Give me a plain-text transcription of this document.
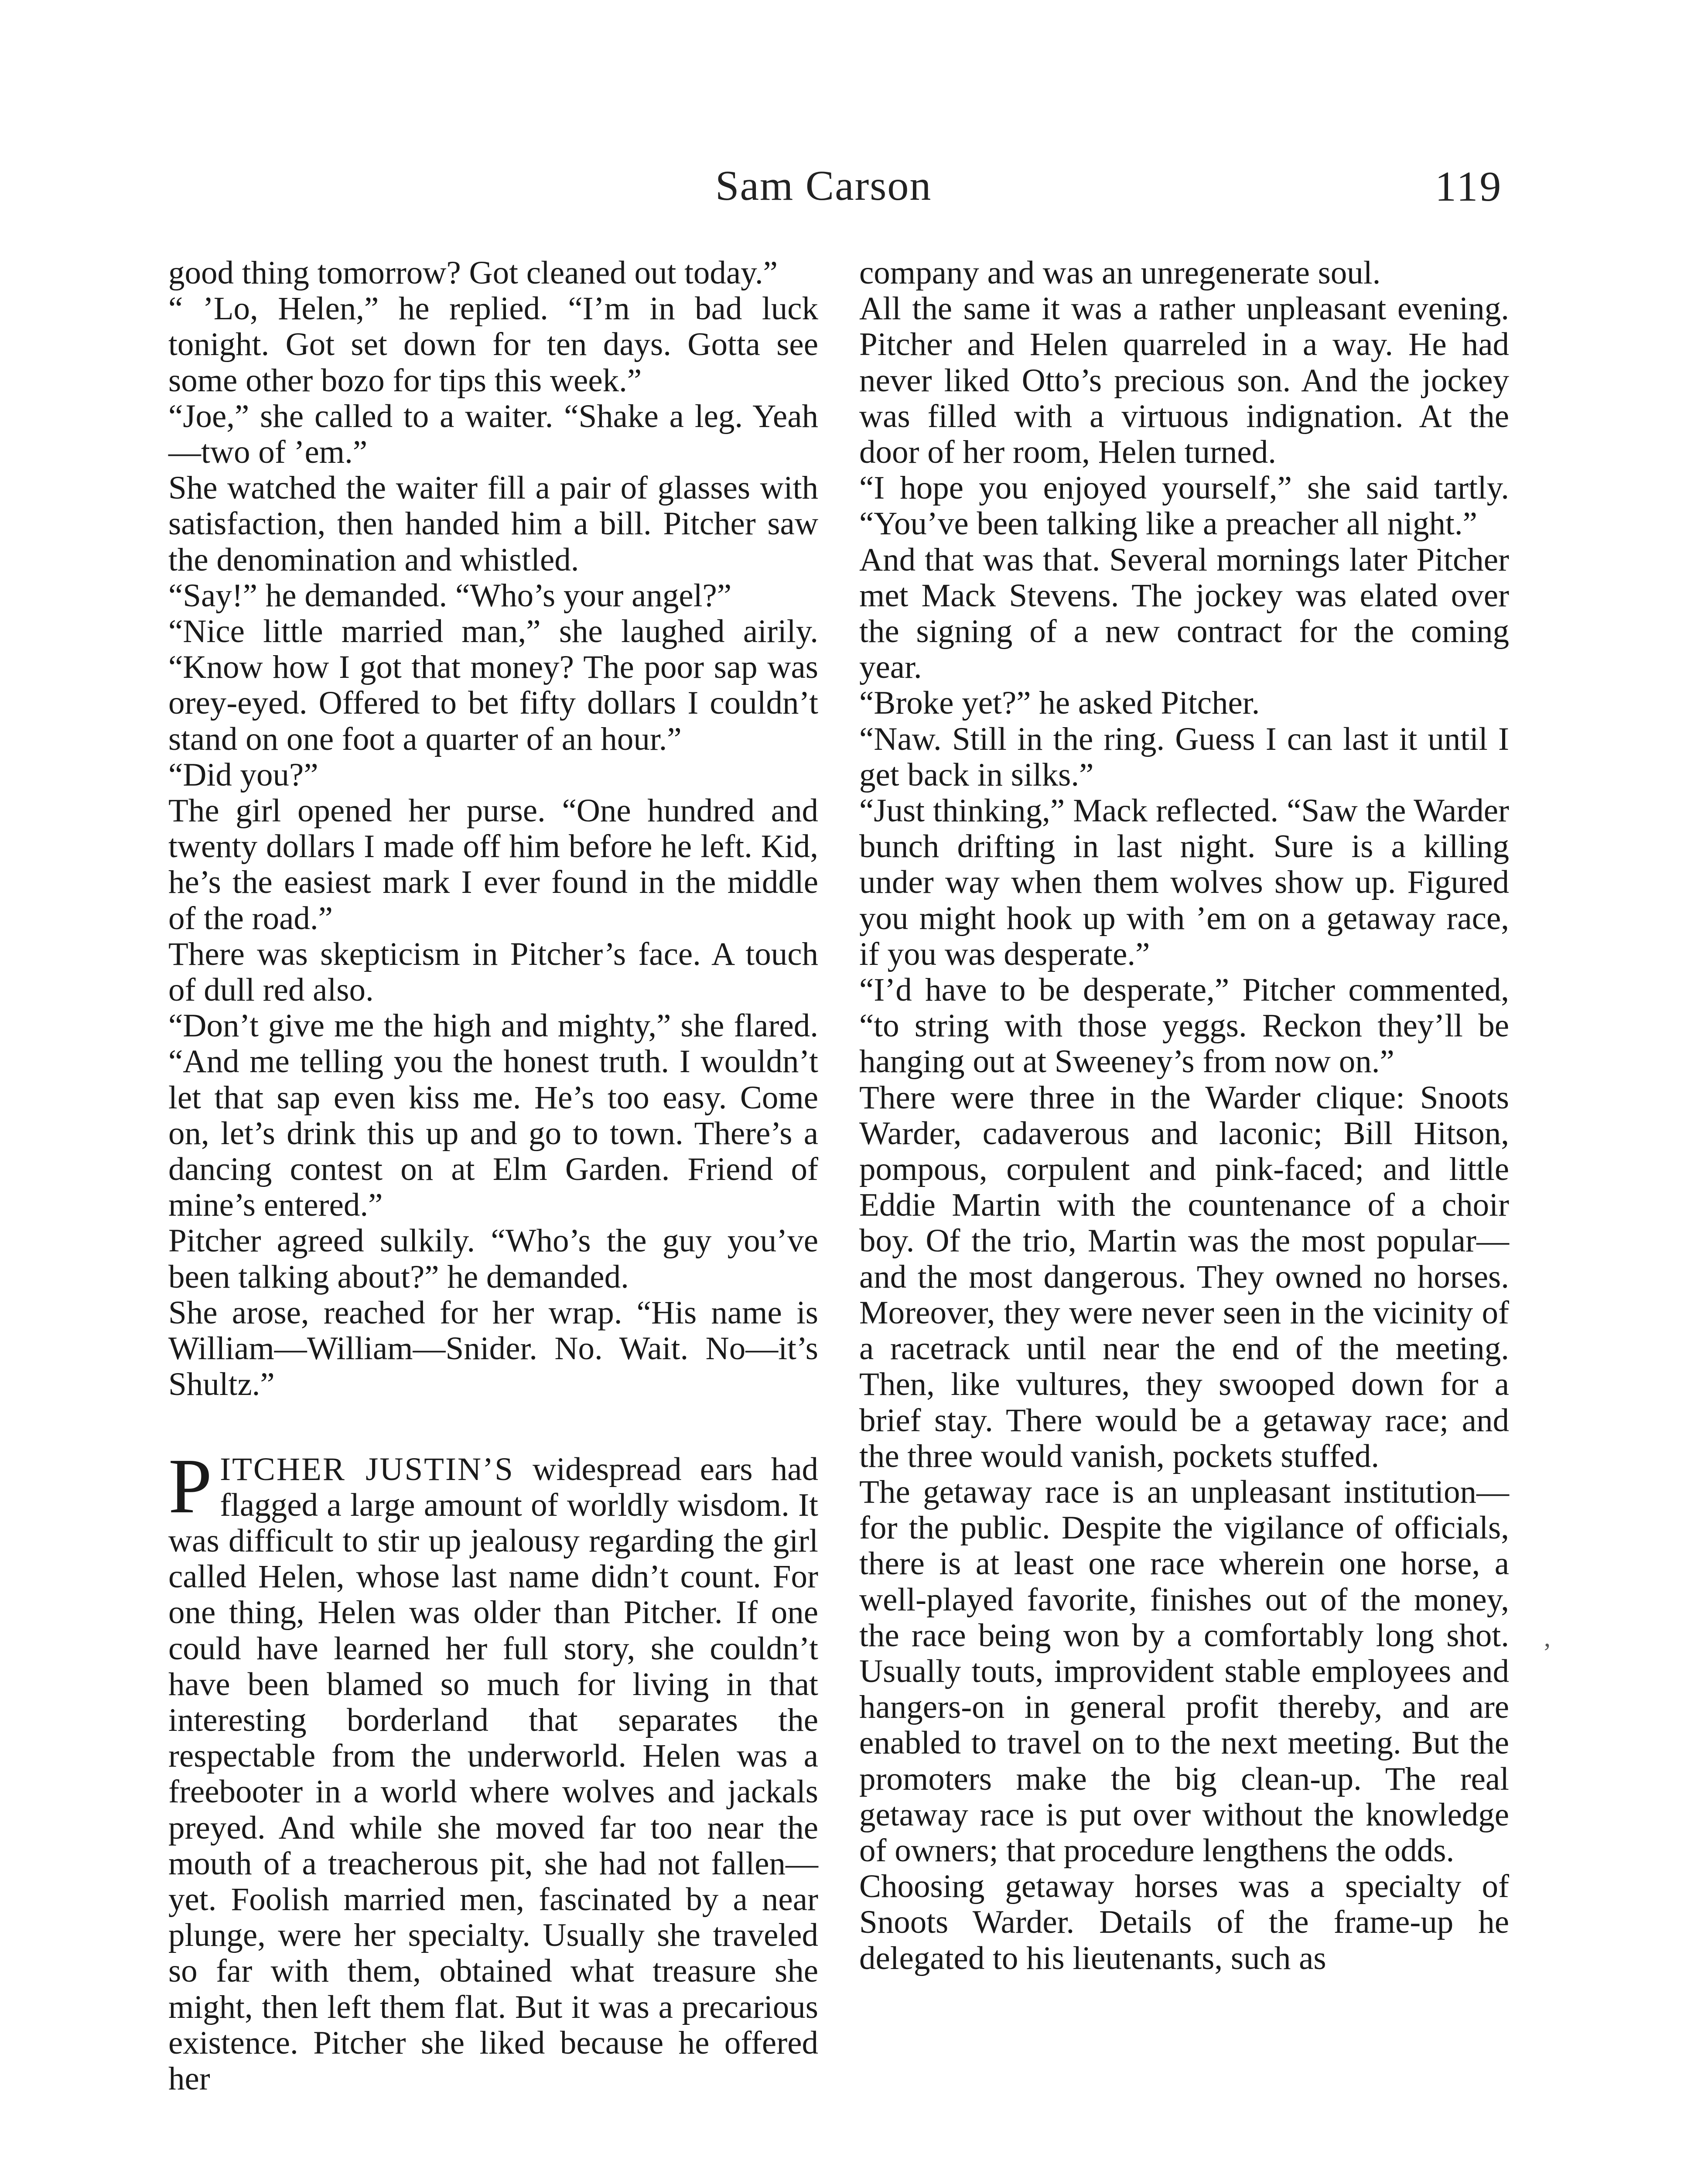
Sam Carson	119

good thing tomorrow? Got cleaned out today.”

“ ’Lo, Helen,” he replied. “I’m in bad luck tonight. Got set down for ten days. Gotta see some other bozo for tips this week.”

“Joe,” she called to a waiter. “Shake a leg. Yeah—two of ’em.”

She watched the waiter fill a pair of glasses with satisfaction, then handed him a bill. Pitcher saw the denomination and whistled.

“Say!” he demanded. “Who’s your angel?”

“Nice little married man,” she laughed airily. “Know how I got that money? The poor sap was orey-eyed. Offered to bet fifty dollars I couldn’t stand on one foot a quarter of an hour.”

“Did you?”

The girl opened her purse. “One hundred and twenty dollars I made off him before he left. Kid, he’s the easiest mark I ever found in the middle of the road.”

There was skepticism in Pitcher’s face. A touch of dull red also.

“Don’t give me the high and mighty,” she flared. “And me telling you the honest truth. I wouldn’t let that sap even kiss me. He’s too easy. Come on, let’s drink this up and go to town. There’s a dancing contest on at Elm Garden. Friend of mine’s entered.”

Pitcher agreed sulkily. “Who’s the guy you’ve been talking about?” he demanded.

She arose, reached for her wrap. “His name is William—William—Snider. No. Wait. No—it’s Shultz.”

PITCHER JUSTIN’S widespread ears had flagged a large amount of worldly wisdom. It was difficult to stir up jealousy regarding the girl called Helen, whose last name didn’t count. For one thing, Helen was older than Pitcher. If one could have learned her full story, she couldn’t have been blamed so much for living in that interesting borderland that separates the respectable from the underworld. Helen was a freebooter in a world where wolves and jackals preyed. And while she moved far too near the mouth of a treacherous pit, she had not fallen—yet. Foolish married men, fascinated by a near plunge, were her specialty. Usually she traveled so far with them, obtained what treasure she might, then left them flat. But it was a precarious existence. Pitcher she liked because he offered her

company and was an unregenerate soul.

All the same it was a rather unpleasant evening. Pitcher and Helen quarreled in a way. He had never liked Otto’s precious son. And the jockey was filled with a virtuous indignation. At the door of her room, Helen turned.

“I hope you enjoyed yourself,” she said tartly. “You’ve been talking like a preacher all night.”

And that was that. Several mornings later Pitcher met Mack Stevens. The jockey was elated over the signing of a new contract for the coming year.

“Broke yet?” he asked Pitcher.

“Naw. Still in the ring. Guess I can last it until I get back in silks.”

“Just thinking,” Mack reflected. “Saw the Warder bunch drifting in last night. Sure is a killing under way when them wolves show up. Figured you might hook up with ’em on a getaway race, if you was desperate.”

“I’d have to be desperate,” Pitcher commented, “to string with those yeggs. Reckon they’ll be hanging out at Sweeney’s from now on.”

There were three in the Warder clique: Snoots Warder, cadaverous and laconic; Bill Hitson, pompous, corpulent and pink-faced; and little Eddie Martin with the countenance of a choir boy. Of the trio, Martin was the most popular—and the most dangerous. They owned no horses. Moreover, they were never seen in the vicinity of a racetrack until near the end of the meeting. Then, like vultures, they swooped down for a brief stay. There would be a getaway race; and the three would vanish, pockets stuffed.

The getaway race is an unpleasant institution—for the public. Despite the vigilance of officials, there is at least one race wherein one horse, a well-played favorite, finishes out of the money, the race being won by a comfortably long shot. Usually touts, improvident stable employees and hangers-on in general profit thereby, and are enabled to travel on to the next meeting. But the promoters make the big clean-up. The real getaway race is put over without the knowledge of owners; that procedure lengthens the odds.

Choosing getaway horses was a specialty of Snoots Warder. Details of the frame-up he delegated to his lieutenants, such as

,
